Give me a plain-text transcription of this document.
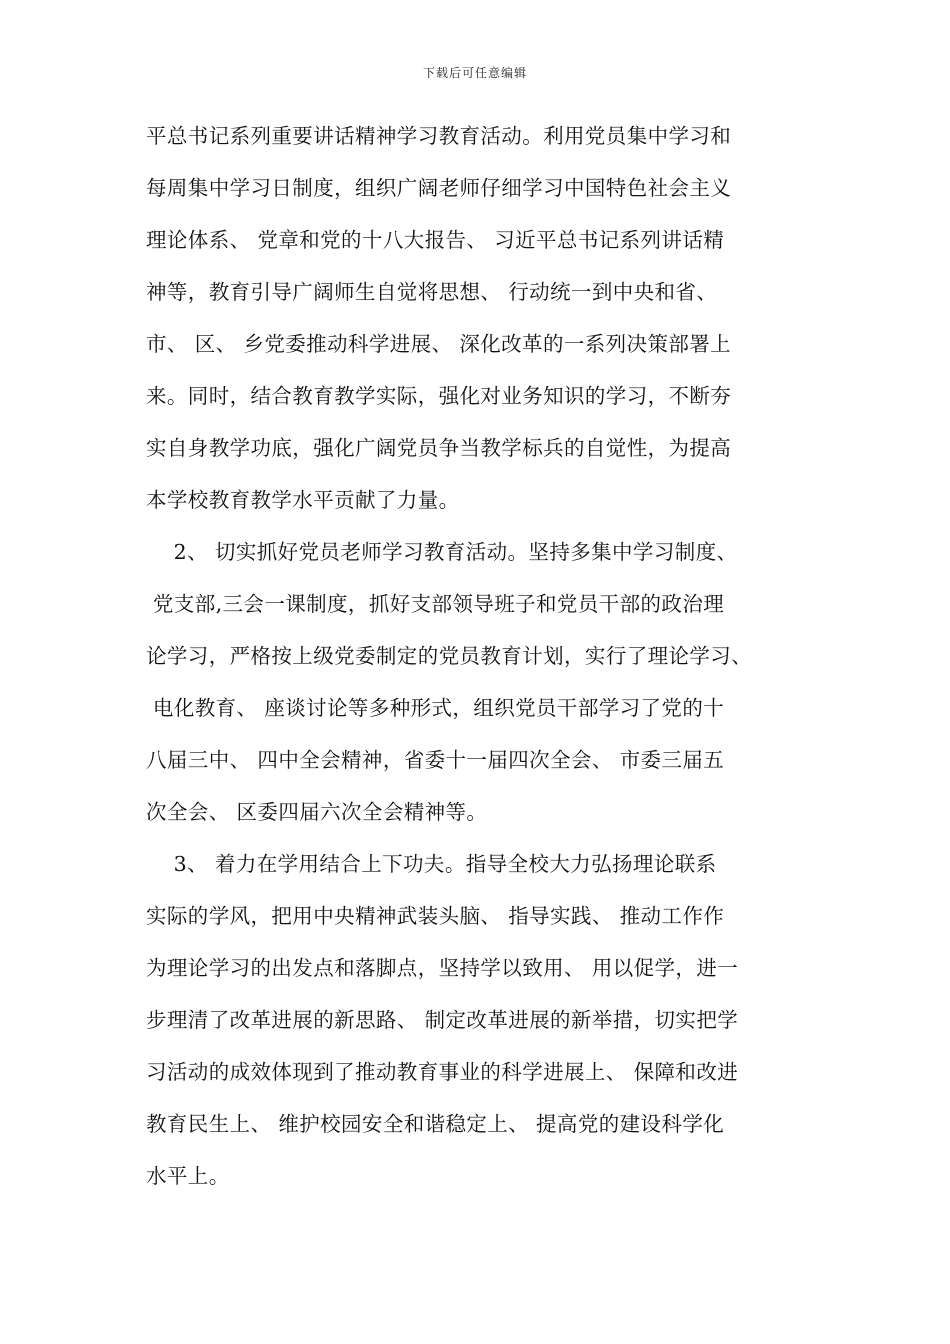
下载后可任意编辑
平总书记系列重要讲话精神学习教育活动。利用党员集中学习和
每周集中学习日制度，组织广阔老师仔细学习中国特色社会主义
理论体系、 党章和党的十八大报告、 习近平总书记系列讲话精
神等，教育引导广阔师生自觉将思想、 行动统一到中央和省、
市、 区、 乡党委推动科学进展、 深化改革的一系列决策部署上
来。同时，结合教育教学实际，强化对业务知识的学习，不断夯
实自身教学功底，强化广阔党员争当教学标兵的自觉性，为提高
本学校教育教学水平贡献了力量。
2、 切实抓好党员老师学习教育活动。坚持多集中学习制度、
党支部,三会一课制度，抓好支部领导班子和党员干部的政治理
论学习，严格按上级党委制定的党员教育计划，实行了理论学习、
电化教育、 座谈讨论等多种形式，组织党员干部学习了党的十
八届三中、 四中全会精神，省委十一届四次全会、 市委三届五
次全会、 区委四届六次全会精神等。
3、 着力在学用结合上下功夫。指导全校大力弘扬理论联系
实际的学风，把用中央精神武装头脑、 指导实践、 推动工作作
为理论学习的出发点和落脚点，坚持学以致用、 用以促学，进一
步理清了改革进展的新思路、 制定改革进展的新举措，切实把学
习活动的成效体现到了推动教育事业的科学进展上、 保障和改进
教育民生上、 维护校园安全和谐稳定上、 提高党的建设科学化
水平上。
